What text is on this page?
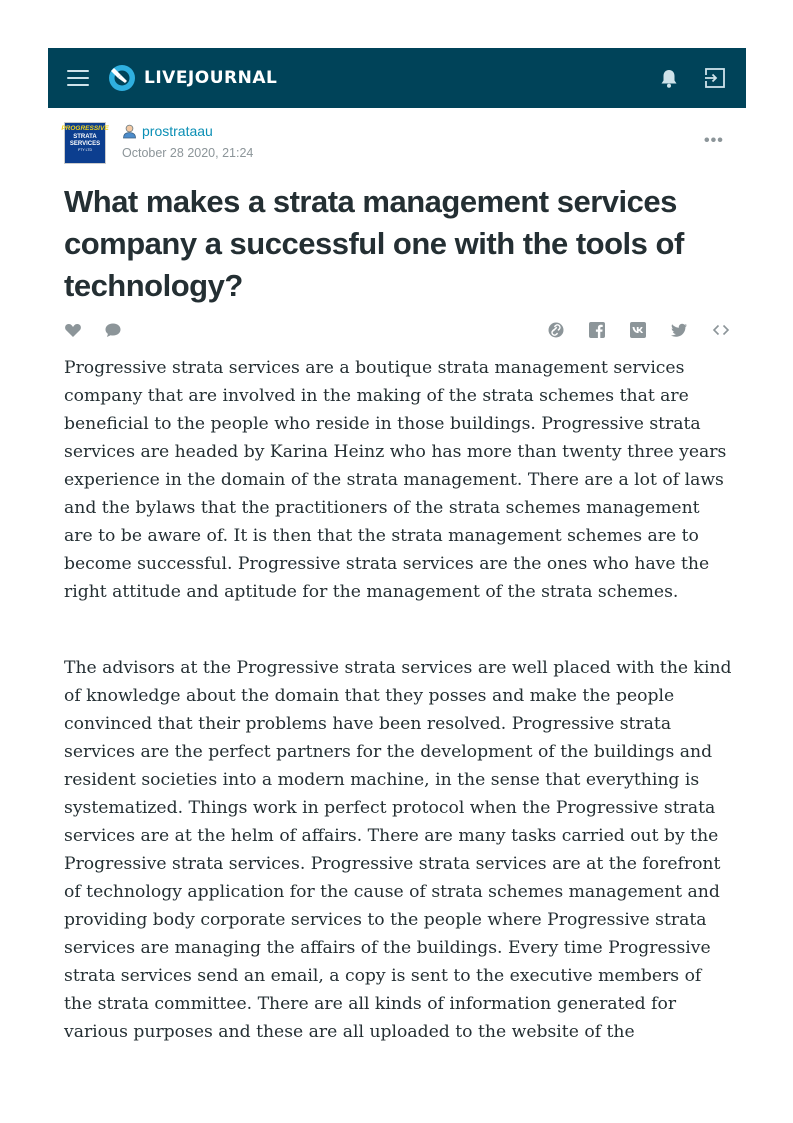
LIVEJOURNAL
PROGRESSIVE
STRATA
SERVICES
PTY LTD
prostrataau
October 28 2020, 21:24
•••
What makes a strata management services company a successful one with the tools of technology?

Progressive strata services are a boutique strata management services company that are involved in the making of the strata schemes that are beneficial to the people who reside in those buildings. Progressive strata services are headed by Karina Heinz who has more than twenty three years experience in the domain of the strata management. There are a lot of laws and the bylaws that the practitioners of the strata schemes management are to be aware of. It is then that the strata management schemes are to become successful. Progressive strata services are the ones who have the right attitude and aptitude for the management of the strata schemes.

The advisors at the Progressive strata services are well placed with the kind of knowledge about the domain that they posses and make the people convinced that their problems have been resolved. Progressive strata services are the perfect partners for the development of the buildings and resident societies into a modern machine, in the sense that everything is systematized. Things work in perfect protocol when the Progressive strata services are at the helm of affairs. There are many tasks carried out by the Progressive strata services. Progressive strata services are at the forefront of technology application for the cause of strata schemes management and providing body corporate services to the people where Progressive strata services are managing the affairs of the buildings. Every time Progressive strata services send an email, a copy is sent to the executive members of the strata committee. There are all kinds of information generated for various purposes and these are all uploaded to the website of the
